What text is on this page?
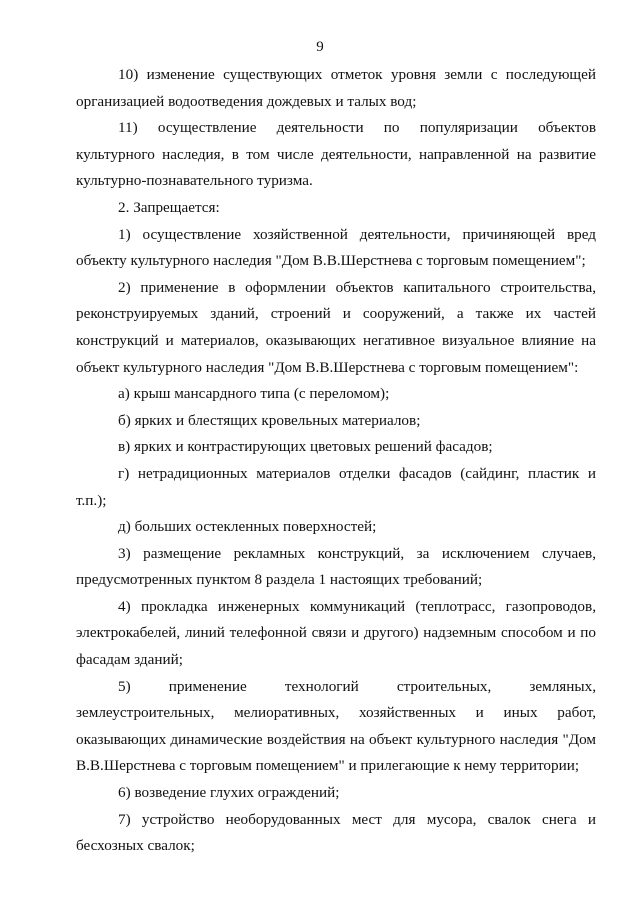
9

10) изменение существующих отметок уровня земли с последующей организацией водоотведения дождевых и талых вод;

11) осуществление деятельности по популяризации объектов культурного наследия, в том числе деятельности, направленной на развитие культурно-познавательного туризма.

2. Запрещается:

1) осуществление хозяйственной деятельности, причиняющей вред объекту культурного наследия "Дом В.В.Шерстнева с торговым помещением";

2) применение в оформлении объектов капитального строительства, реконструируемых зданий, строений и сооружений, а также их частей конструкций и материалов, оказывающих негативное визуальное влияние на объект культурного наследия "Дом В.В.Шерстнева с торговым помещением":

а) крыш мансардного типа (с переломом);

б) ярких и блестящих кровельных материалов;

в) ярких и контрастирующих цветовых решений фасадов;

г) нетрадиционных материалов отделки фасадов (сайдинг, пластик и т.п.);

д) больших остекленных поверхностей;

3) размещение рекламных конструкций, за исключением случаев, предусмотренных пунктом 8 раздела 1 настоящих требований;

4) прокладка инженерных коммуникаций (теплотрасс, газопроводов, электрокабелей, линий телефонной связи и другого) надземным способом и по фасадам зданий;

5) применение технологий строительных, земляных, землеустроительных, мелиоративных, хозяйственных и иных работ, оказывающих динамические воздействия на объект культурного наследия "Дом В.В.Шерстнева с торговым помещением" и прилегающие к нему территории;

6) возведение глухих ограждений;

7) устройство необорудованных мест для мусора, свалок снега и бесхозных свалок;
